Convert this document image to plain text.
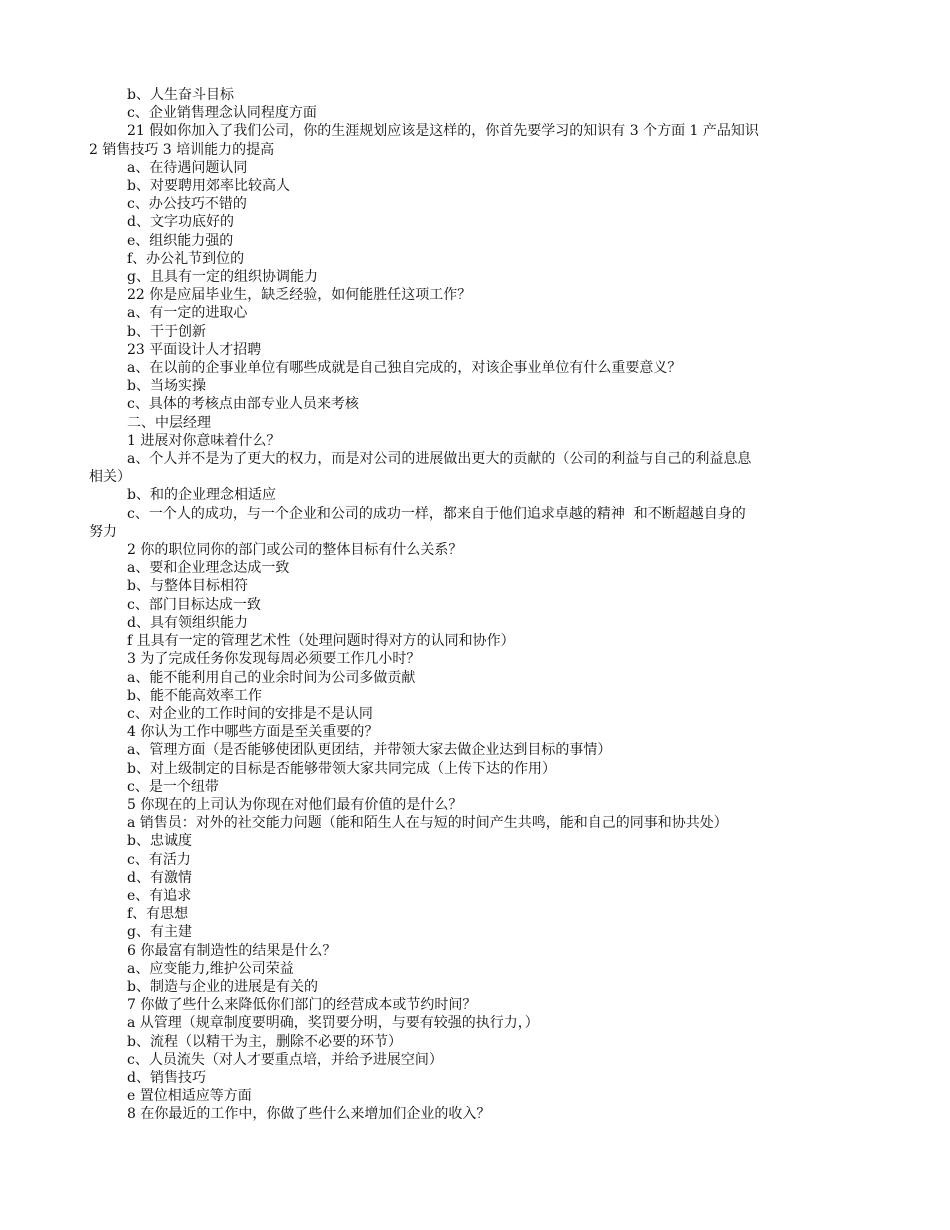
b、人生奋斗目标

c、企业销售理念认同程度方面

21 假如你加入了我们公司，你的生涯规划应该是这样的，你首先要学习的知识有 3 个方面 1 产品知识

2 销售技巧 3 培训能力的提高

a、在待遇问题认同

b、对要聘用郊率比较高人

c、办公技巧不错的

d、文字功底好的

e、组织能力强的

f、办公礼节到位的

g、且具有一定的组织协调能力

22 你是应届毕业生，缺乏经验，如何能胜任这项工作？

a、有一定的进取心

b、干于创新

23 平面设计人才招聘

a、在以前的企事业单位有哪些成就是自己独自完成的，对该企事业单位有什么重要意义？

b、当场实操

c、具体的考核点由部专业人员来考核

二、中层经理

1 进展对你意味着什么？

a、个人并不是为了更大的权力，而是对公司的进展做出更大的贡献的（公司的利益与自己的利益息息

相关）

b、和的企业理念相适应

c、一个人的成功，与一个企业和公司的成功一样，都来自于他们追求卓越的精神  和不断超越自身的

努力

2 你的职位同你的部门或公司的整体目标有什么关系？

a、要和企业理念达成一致

b、与整体目标相符

c、部门目标达成一致

d、具有领组织能力

f 且具有一定的管理艺术性（处理问题时得对方的认同和协作）

3 为了完成任务你发现每周必须要工作几小时？

a、能不能利用自己的业余时间为公司多做贡献

b、能不能高效率工作

c、对企业的工作时间的安排是不是认同

4 你认为工作中哪些方面是至关重要的？

a、管理方面（是否能够使团队更团结，并带领大家去做企业达到目标的事情）

b、对上级制定的目标是否能够带领大家共同完成（上传下达的作用）

c、是一个纽带

5 你现在的上司认为你现在对他们最有价值的是什么？

a 销售员：对外的社交能力问题（能和陌生人在与短的时间产生共鸣，能和自己的同事和协共处）

b、忠诚度

c、有活力

d、有激情

e、有追求

f、有思想

g、有主建

6 你最富有制造性的结果是什么？

a、应变能力,维护公司荣益

b、制造与企业的进展是有关的

7 你做了些什么来降低你们部门的经营成本或节约时间？

a 从管理（规章制度要明确，奖罚要分明，与要有较强的执行力，）

b、流程（以精干为主，删除不必要的环节）

c、人员流失（对人才要重点培，并给予进展空间）

d、销售技巧

e 置位相适应等方面

8 在你最近的工作中，你做了些什么来增加们企业的收入？
